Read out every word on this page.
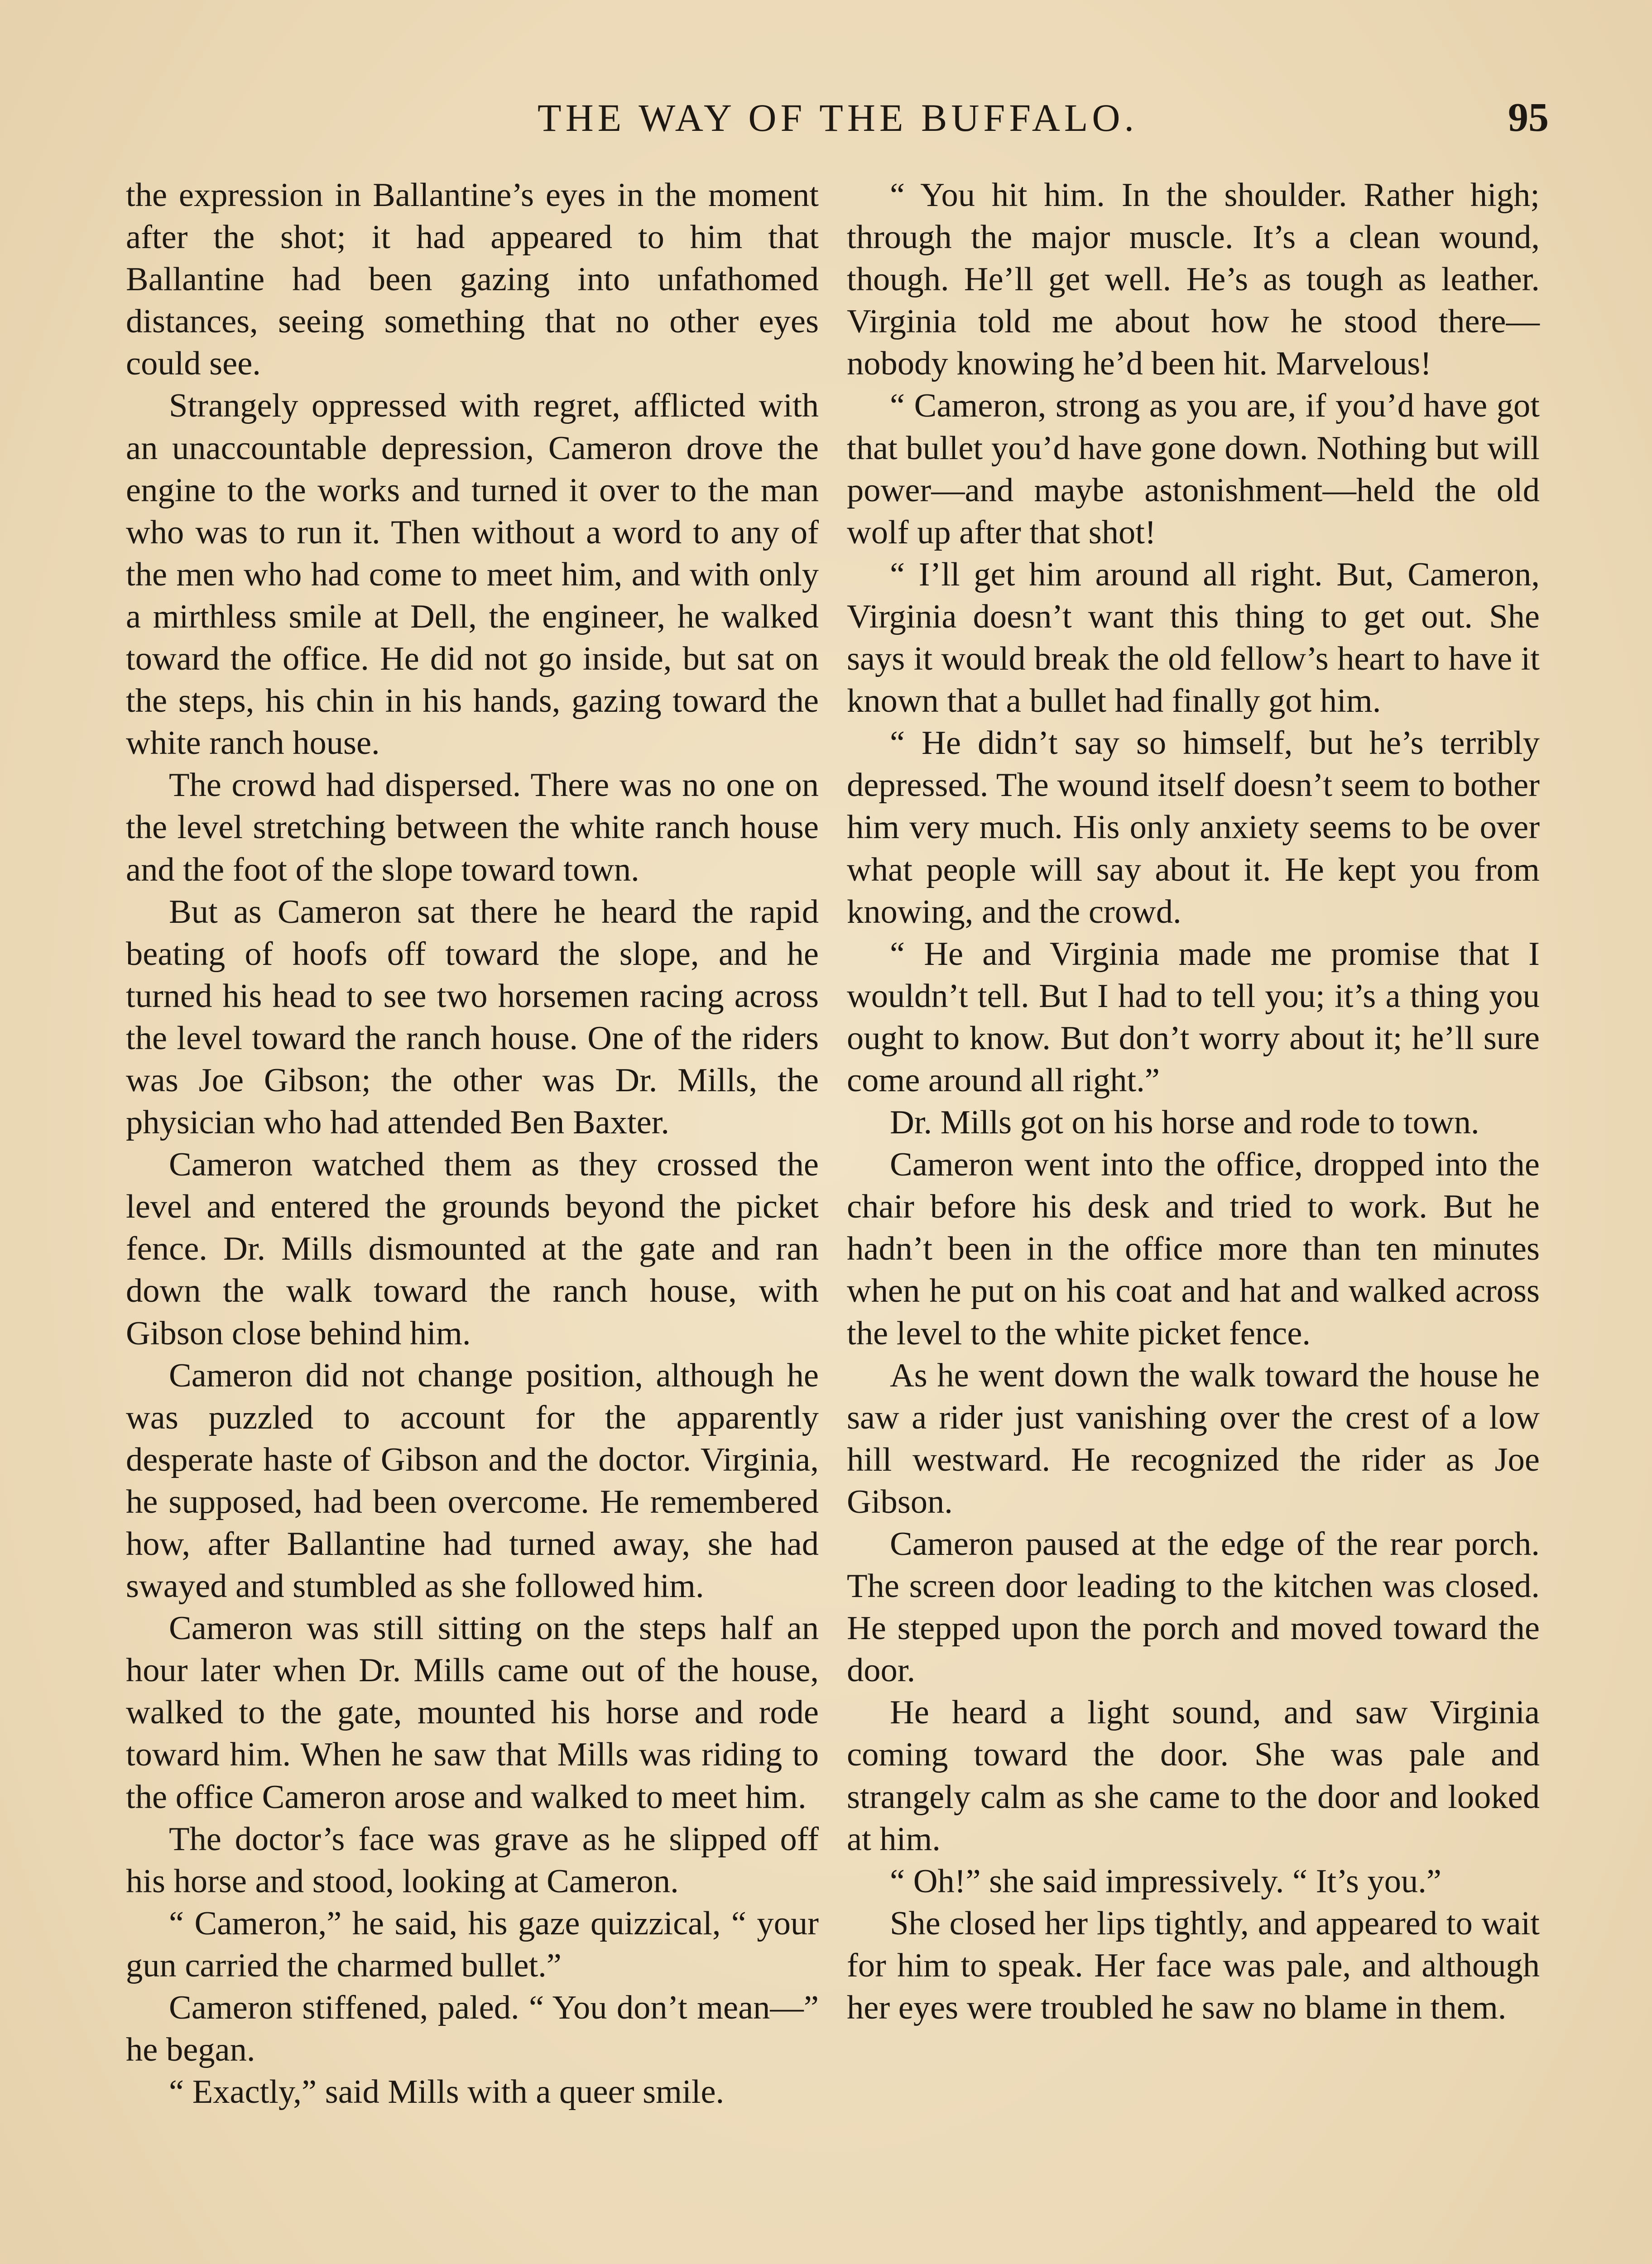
THE WAY OF THE BUFFALO.	95

the expression in Ballantine’s eyes in the moment after the shot; it had appeared to him that Ballantine had been gazing into unfathomed distances, seeing something that no other eyes could see.

Strangely oppressed with regret, afflicted with an unaccountable depression, Cameron drove the engine to the works and turned it over to the man who was to run it. Then without a word to any of the men who had come to meet him, and with only a mirthless smile at Dell, the engineer, he walked toward the office. He did not go inside, but sat on the steps, his chin in his hands, gazing toward the white ranch house.

The crowd had dispersed. There was no one on the level stretching between the white ranch house and the foot of the slope toward town.

But as Cameron sat there he heard the rapid beating of hoofs off toward the slope, and he turned his head to see two horsemen racing across the level toward the ranch house. One of the riders was Joe Gibson; the other was Dr. Mills, the physician who had attended Ben Baxter.

Cameron watched them as they crossed the level and entered the grounds beyond the picket fence. Dr. Mills dismounted at the gate and ran down the walk toward the ranch house, with Gibson close behind him.

Cameron did not change position, although he was puzzled to account for the apparently desperate haste of Gibson and the doctor. Virginia, he supposed, had been overcome. He remembered how, after Ballantine had turned away, she had swayed and stumbled as she followed him.

Cameron was still sitting on the steps half an hour later when Dr. Mills came out of the house, walked to the gate, mounted his horse and rode toward him. When he saw that Mills was riding to the office Cameron arose and walked to meet him.

The doctor’s face was grave as he slipped off his horse and stood, looking at Cameron.

“ Cameron,” he said, his gaze quizzical, “ your gun carried the charmed bullet.”

Cameron stiffened, paled. “ You don’t mean—” he began.

“ Exactly,” said Mills with a queer smile.

“ You hit him. In the shoulder. Rather high; through the major muscle. It’s a clean wound, though. He’ll get well. He’s as tough as leather. Virginia told me about how he stood there—nobody knowing he’d been hit. Marvelous!

“ Cameron, strong as you are, if you’d have got that bullet you’d have gone down. Nothing but will power—and maybe astonishment—held the old wolf up after that shot!

“ I’ll get him around all right. But, Cameron, Virginia doesn’t want this thing to get out. She says it would break the old fellow’s heart to have it known that a bullet had finally got him.

“ He didn’t say so himself, but he’s terribly depressed. The wound itself doesn’t seem to bother him very much. His only anxiety seems to be over what people will say about it. He kept you from knowing, and the crowd.

“ He and Virginia made me promise that I wouldn’t tell. But I had to tell you; it’s a thing you ought to know. But don’t worry about it; he’ll sure come around all right.”

Dr. Mills got on his horse and rode to town.

Cameron went into the office, dropped into the chair before his desk and tried to work. But he hadn’t been in the office more than ten minutes when he put on his coat and hat and walked across the level to the white picket fence.

As he went down the walk toward the house he saw a rider just vanishing over the crest of a low hill westward. He recognized the rider as Joe Gibson.

Cameron paused at the edge of the rear porch. The screen door leading to the kitchen was closed. He stepped upon the porch and moved toward the door.

He heard a light sound, and saw Virginia coming toward the door. She was pale and strangely calm as she came to the door and looked at him.

“ Oh!” she said impressively. “ It’s you.”

She closed her lips tightly, and appeared to wait for him to speak. Her face was pale, and although her eyes were troubled he saw no blame in them.
